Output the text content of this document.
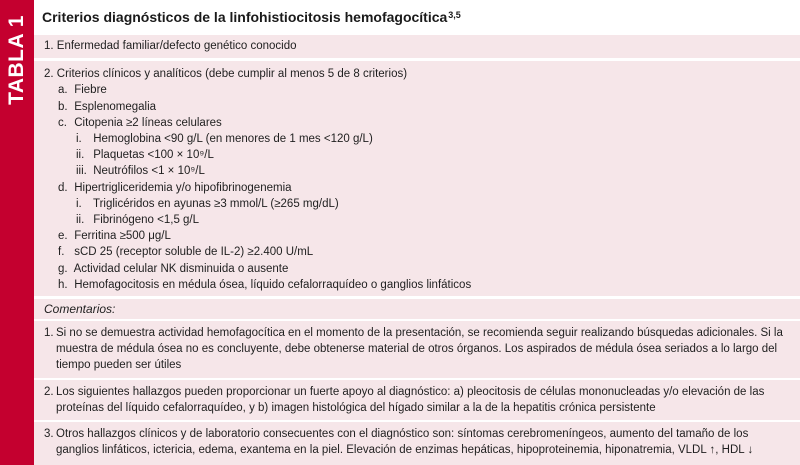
TABLA 1 Criterios diagnósticos de la linfohistiocitosis hemofagocítica$^{3,5}$
1. Enfermedad familiar/defecto genético conocido
2. Criterios clínicos y analíticos (debe cumplir al menos 5 de 8 criterios)
a. Fiebre
b. Esplenomegalia
c. Citopenia ≥2 líneas celulares
i. Hemoglobina <90 g/L (en menores de 1 mes <120 g/L)
ii. Plaquetas <100 × 10⁹/L
iii. Neutrófilos <1 × 10⁹/L
d. Hipertrigliceridemia y/o hipofibrinogenemia
i. Triglicéridos en ayunas ≥3 mmol/L (≥265 mg/dL)
ii. Fibrinógeno <1,5 g/L
e. Ferritina ≥500 μg/L
f. sCD 25 (receptor soluble de IL-2) ≥2.400 U/mL
g. Actividad celular NK disminuida o ausente
h. Hemofagocitosis en médula ósea, líquido cefalorraquídeo o ganglios linfáticos
Comentarios:
1. Si no se demuestra actividad hemofagocítica en el momento de la presentación, se recomienda seguir realizando búsquedas adicionales. Si la muestra de médula ósea no es concluyente, debe obtenerse material de otros órganos. Los aspirados de médula ósea seriados a lo largo del tiempo pueden ser útiles
2. Los siguientes hallazgos pueden proporcionar un fuerte apoyo al diagnóstico: a) pleocitosis de células mononucleadas y/o elevación de las proteínas del líquido cefalorraquídeo, y b) imagen histológica del hígado similar a la de la hepatitis crónica persistente
3. Otros hallazgos clínicos y de laboratorio consecuentes con el diagnóstico son: síntomas cerebromeníngeos, aumento del tamaño de los ganglios linfáticos, ictericia, edema, exantema en la piel. Elevación de enzimas hepáticas, hipoproteinemia, hiponatremia, VLDL ↑, HDL ↓
